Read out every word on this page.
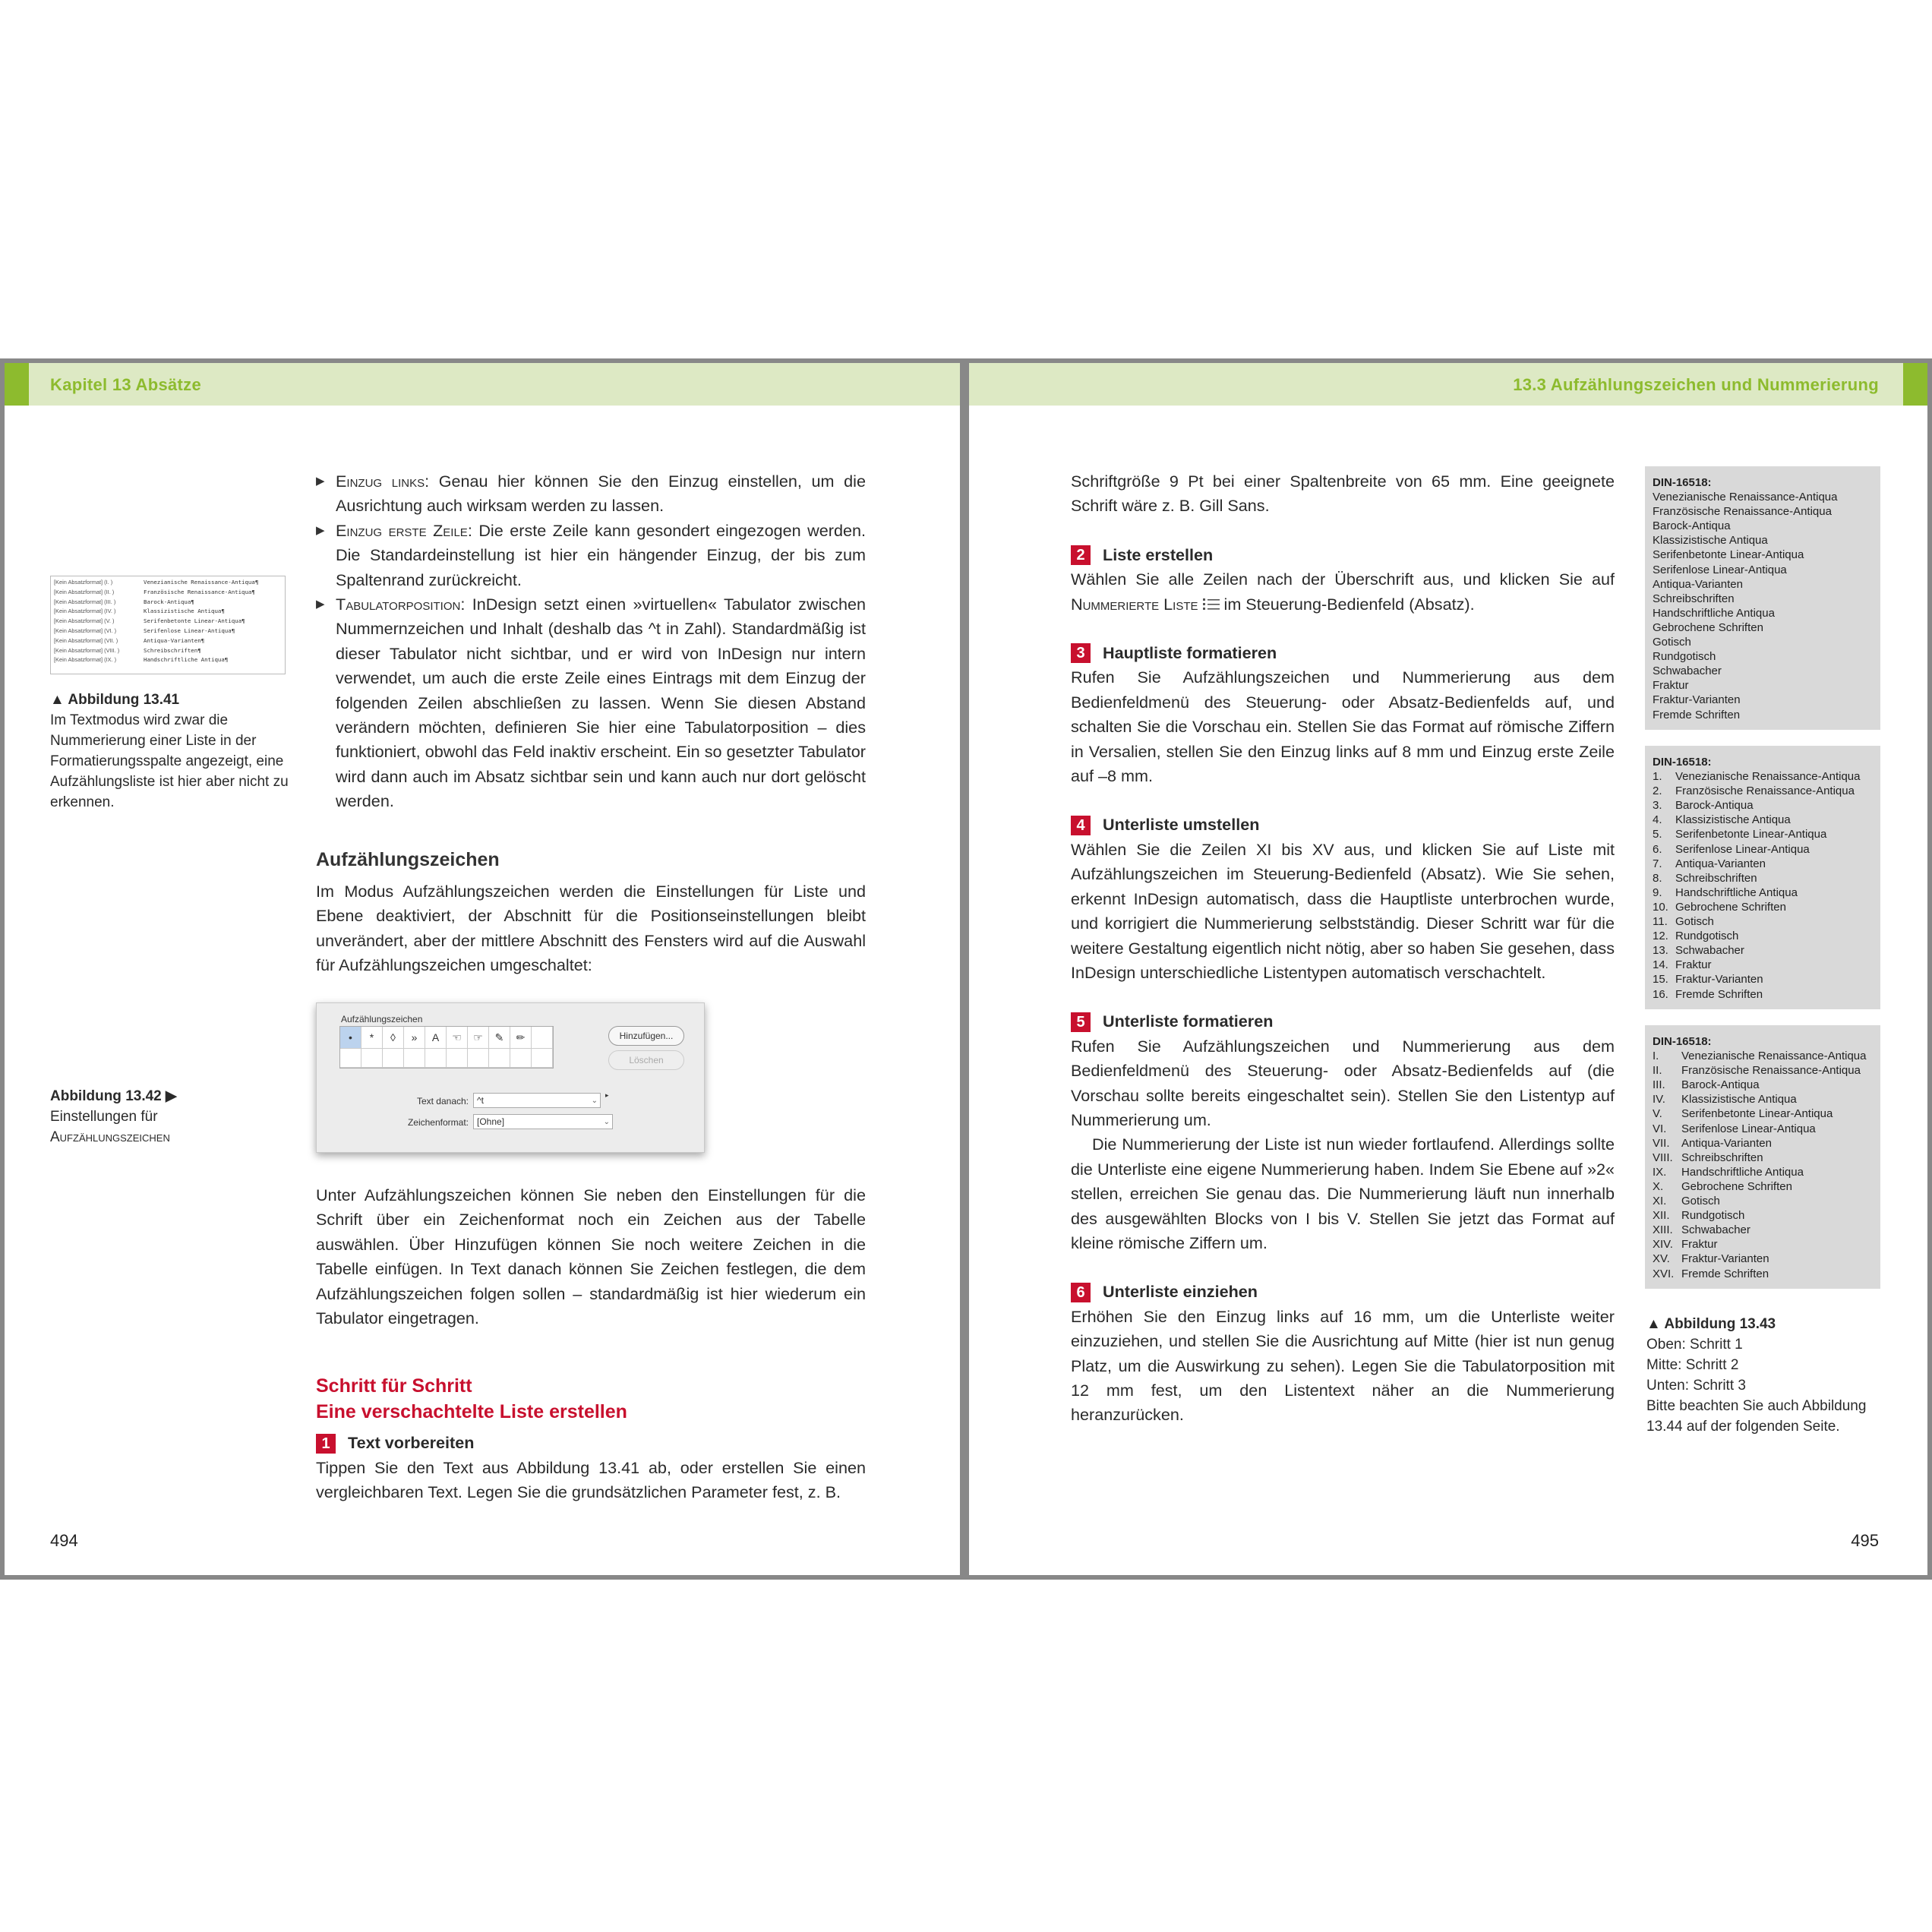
Kapitel 13 Absätze
[Kein Absatzformat] (I. )	Venezianische Renaissance-Antiqua¶
[Kein Absatzformat] (II. )	Französische Renaissance-Antiqua¶
[Kein Absatzformat] (III. )	Barock-Antiqua¶
[Kein Absatzformat] (IV. )	Klassizistische Antiqua¶
[Kein Absatzformat] (V. )	Serifenbetonte Linear-Antiqua¶
[Kein Absatzformat] (VI. )	Serifenlose Linear-Antiqua¶
[Kein Absatzformat] (VII. )	Antiqua-Varianten¶
[Kein Absatzformat] (VIII. )	Schreibschriften¶
[Kein Absatzformat] (IX. )	Handschriftliche Antiqua¶
▲ Abbildung 13.41
Im Textmodus wird zwar die Nummerierung einer Liste in der Formatierungsspalte angezeigt, eine Aufzählungsliste ist hier aber nicht zu erkennen.
Abbildung 13.42 ▶
Einstellungen für
Aufzählungszeichen
▶ Einzug links: Genau hier können Sie den Einzug einstellen, um die Ausrichtung auch wirksam werden zu lassen.
▶ Einzug erste Zeile: Die erste Zeile kann gesondert eingezogen werden. Die Standardeinstellung ist hier ein hängender Einzug, der bis zum Spaltenrand zurückreicht.
▶ Tabulatorposition: InDesign setzt einen »virtuellen« Tabulator zwischen Nummernzeichen und Inhalt (deshalb das ^t in Zahl). Standardmäßig ist dieser Tabulator nicht sichtbar, und er wird von InDesign nur intern verwendet, um auch die erste Zeile eines Eintrags mit dem Einzug der folgenden Zeilen abschließen zu lassen. Wenn Sie diesen Abstand verändern möchten, definieren Sie hier eine Tabulatorposition – dies funktioniert, obwohl das Feld inaktiv erscheint. Ein so gesetzter Tabulator wird dann auch im Absatz sichtbar sein und kann auch nur dort gelöscht werden.
Aufzählungszeichen

Im Modus Aufzählungszeichen werden die Einstellungen für Liste und Ebene deaktiviert, der Abschnitt für die Positionseinstellungen bleibt unverändert, aber der mittlere Abschnitt des Fensters wird auf die Auswahl für Aufzählungszeichen umgeschaltet:

Aufzählungszeichen
•	*	◊	»	A	☜	☞	✎	✏	Hinzufügen...
Löschen
Text danach: ^t	⌄
▸
Zeichenformat: [Ohne]	⌄

Unter Aufzählungszeichen können Sie neben den Einstellungen für die Schrift über ein Zeichenformat noch ein Zeichen aus der Tabelle auswählen. Über Hinzufügen können Sie noch weitere Zeichen in die Tabelle einfügen. In Text danach können Sie Zeichen festlegen, die dem Aufzählungszeichen folgen sollen – standardmäßig ist hier wiederum ein Tabulator eingetragen.

Schritt für Schritt
Eine verschachtelte Liste erstellen
1	Text vorbereiten

Tippen Sie den Text aus Abbildung 13.41 ab, oder erstellen Sie einen vergleichbaren Text. Legen Sie die grundsätzlichen Parameter fest, z. B.

494
13.3 Aufzählungszeichen und Nummerierung

Schriftgröße 9 Pt bei einer Spaltenbreite von 65 mm. Eine geeignete Schrift wäre z. B. Gill Sans.

2	Liste erstellen

Wählen Sie alle Zeilen nach der Überschrift aus, und klicken Sie auf Nummerierte Liste im Steuerung-Bedienfeld (Absatz).

3	Hauptliste formatieren

Rufen Sie Aufzählungszeichen und Nummerierung aus dem Bedienfeldmenü des Steuerung- oder Absatz-Bedienfelds auf, und schalten Sie die Vorschau ein. Stellen Sie das Format auf römische Ziffern in Versalien, stellen Sie den Einzug links auf 8 mm und Einzug erste Zeile auf –8 mm.

4	Unterliste umstellen

Wählen Sie die Zeilen XI bis XV aus, und klicken Sie auf Liste mit Aufzählungszeichen im Steuerung-Bedienfeld (Absatz). Wie Sie sehen, erkennt InDesign automatisch, dass die Hauptliste unterbrochen wurde, und korrigiert die Nummerierung selbstständig. Dieser Schritt war für die weitere Gestaltung eigentlich nicht nötig, aber so haben Sie gesehen, dass InDesign unterschiedliche Listentypen automatisch verschachtelt.

5	Unterliste formatieren

Rufen Sie Aufzählungszeichen und Nummerierung aus dem Bedienfeldmenü des Steuerung- oder Absatz-Bedienfelds auf (die Vorschau sollte bereits eingeschaltet sein). Stellen Sie den Listentyp auf Nummerierung um.

Die Nummerierung der Liste ist nun wieder fortlaufend. Allerdings sollte die Unterliste eine eigene Nummerierung haben. Indem Sie Ebene auf »2« stellen, erreichen Sie genau das. Die Nummerierung läuft nun innerhalb des ausgewählten Blocks von I bis V. Stellen Sie jetzt das Format auf kleine römische Ziffern um.

6	Unterliste einziehen

Erhöhen Sie den Einzug links auf 16 mm, um die Unterliste weiter einzuziehen, und stellen Sie die Ausrichtung auf Mitte (hier ist nun genug Platz, um die Auswirkung zu sehen). Legen Sie die Tabulatorposition mit 12 mm fest, um den Listentext näher an die Nummerierung heranzurücken.

DIN-16518:
Venezianische Renaissance-Antiqua
Französische Renaissance-Antiqua
Barock-Antiqua
Klassizistische Antiqua
Serifenbetonte Linear-Antiqua
Serifenlose Linear-Antiqua
Antiqua-Varianten
Schreibschriften
Handschriftliche Antiqua
Gebrochene Schriften
Gotisch
Rundgotisch
Schwabacher
Fraktur
Fraktur-Varianten
Fremde Schriften
DIN-16518:
1.	Venezianische Renaissance-Antiqua
2.	Französische Renaissance-Antiqua
3.	Barock-Antiqua
4.	Klassizistische Antiqua
5.	Serifenbetonte Linear-Antiqua
6.	Serifenlose Linear-Antiqua
7.	Antiqua-Varianten
8.	Schreibschriften
9.	Handschriftliche Antiqua
10. Gebrochene Schriften
11. Gotisch
12. Rundgotisch
13. Schwabacher
14. Fraktur
15. Fraktur-Varianten
16. Fremde Schriften
DIN-16518:
I.	Venezianische Renaissance-Antiqua
II.	Französische Renaissance-Antiqua
III.	Barock-Antiqua
IV.	Klassizistische Antiqua
V.	Serifenbetonte Linear-Antiqua
VI.	Serifenlose Linear-Antiqua
VII.	Antiqua-Varianten
VIII. Schreibschriften
IX.	Handschriftliche Antiqua
X.	Gebrochene Schriften
XI.	Gotisch
XII.	Rundgotisch
XIII. Schwabacher
XIV. Fraktur
XV.	Fraktur-Varianten
XVI. Fremde Schriften
▲ Abbildung 13.43
Oben: Schritt 1
Mitte: Schritt 2
Unten: Schritt 3
Bitte beachten Sie auch Abbildung 13.44 auf der folgenden Seite.
495
